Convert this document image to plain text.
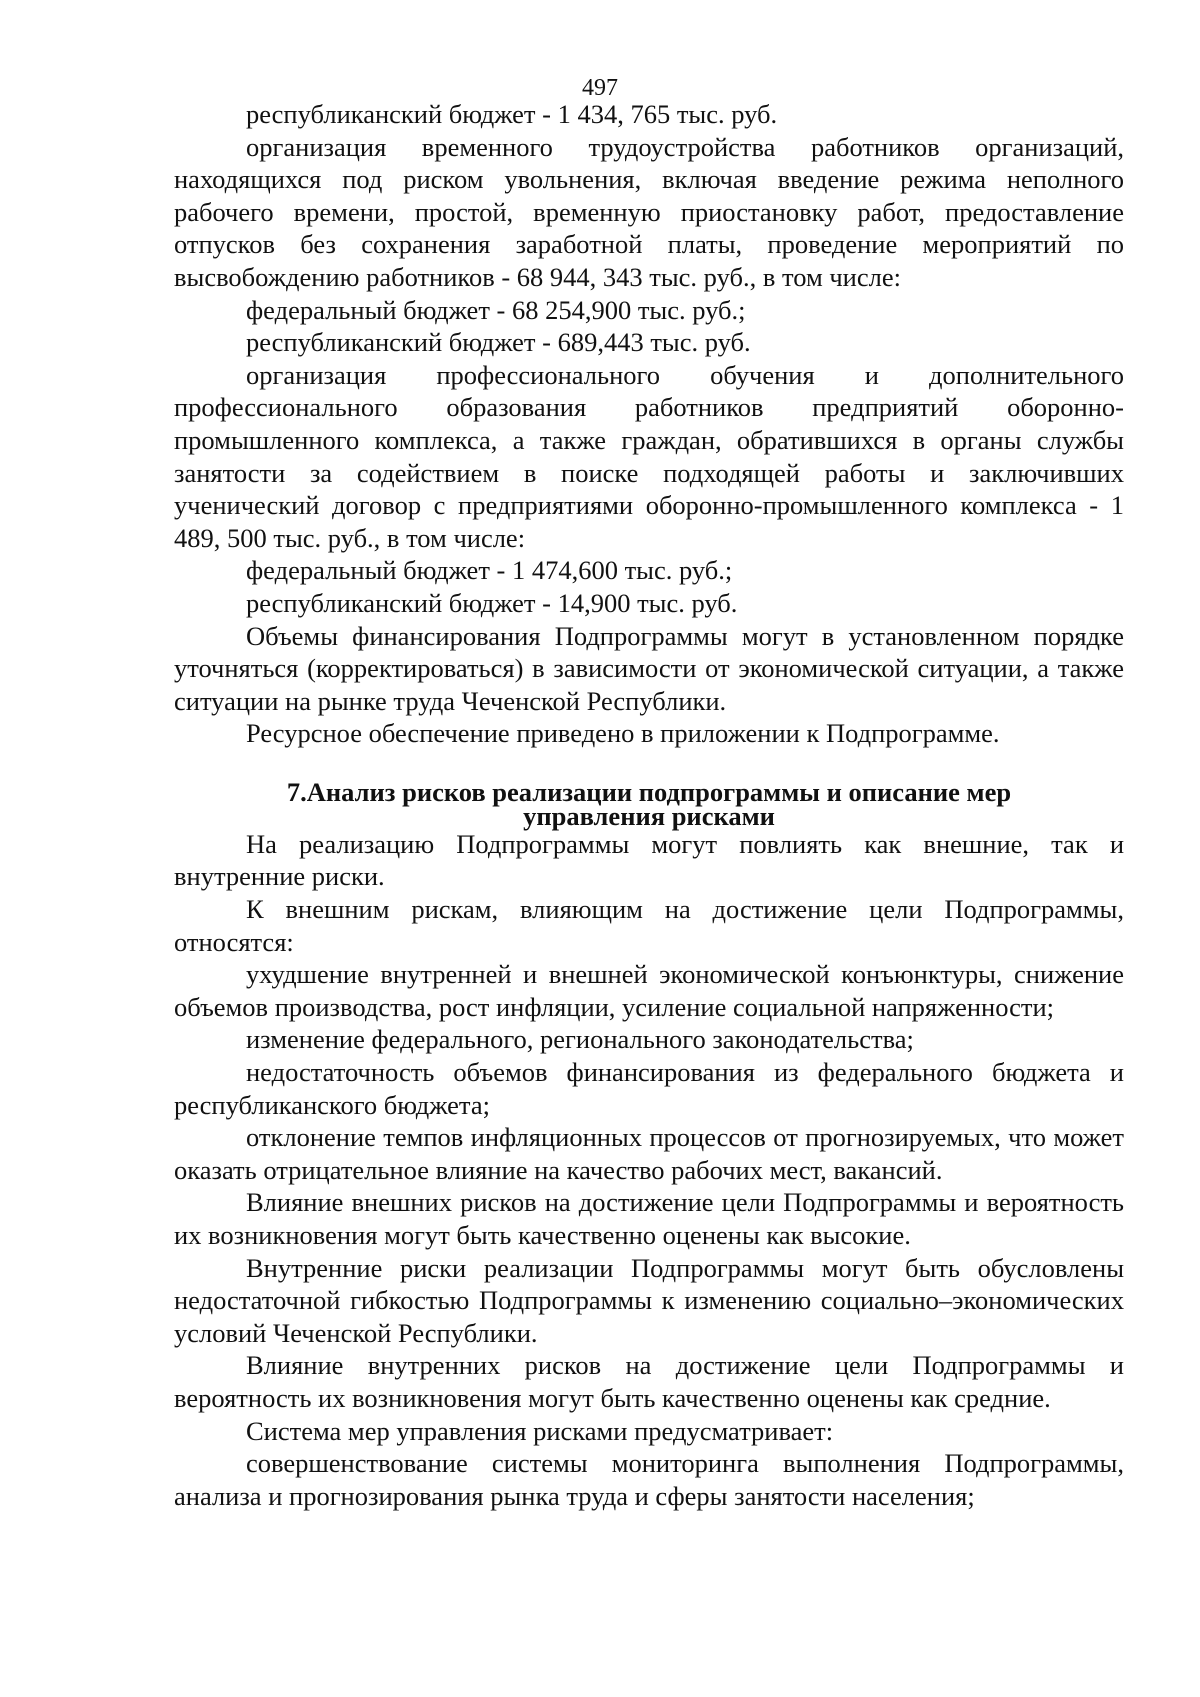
497

республиканский бюджет - 1 434, 765 тыс. руб.

организация временного трудоустройства работников организаций, находящихся под риском увольнения, включая введение режима неполного рабочего времени, простой, временную приостановку работ, предоставление отпусков без сохранения заработной платы, проведение мероприятий по высвобождению работников - 68 944, 343 тыс. руб., в том числе:

федеральный бюджет - 68 254,900 тыс. руб.;

республиканский бюджет - 689,443 тыс. руб.

организация профессионального обучения и дополнительного профессионального образования работников предприятий оборонно-промышленного комплекса, а также граждан, обратившихся в органы службы занятости за содействием в поиске подходящей работы и заключивших ученический договор с предприятиями оборонно-промышленного комплекса - 1 489, 500 тыс. руб., в том числе:

федеральный бюджет - 1 474,600 тыс. руб.;

республиканский бюджет - 14,900 тыс. руб.

Объемы финансирования Подпрограммы могут в установленном порядке уточняться (корректироваться) в зависимости от экономической ситуации, а также ситуации на рынке труда Чеченской Республики.

Ресурсное обеспечение приведено в приложении к Подпрограмме.

7.Анализ рисков реализации подпрограммы и описание мер
управления рисками

На реализацию Подпрограммы могут повлиять как внешние, так и внутренние риски.

К внешним рискам, влияющим на достижение цели Подпрограммы, относятся:

ухудшение внутренней и внешней экономической конъюнктуры, снижение объемов производства, рост инфляции, усиление социальной напряженности;

изменение федерального, регионального законодательства;

недостаточность объемов финансирования из федерального бюджета и республиканского бюджета;

отклонение темпов инфляционных процессов от прогнозируемых, что может оказать отрицательное влияние на качество рабочих мест, вакансий.

Влияние внешних рисков на достижение цели Подпрограммы и вероятность их возникновения могут быть качественно оценены как высокие.

Внутренние риски реализации Подпрограммы могут быть обусловлены недостаточной гибкостью Подпрограммы к изменению социально–экономических условий Чеченской Республики.

Влияние внутренних рисков на достижение цели Подпрограммы и вероятность их возникновения могут быть качественно оценены как средние.

Система мер управления рисками предусматривает:

совершенствование системы мониторинга выполнения Подпрограммы, анализа и прогнозирования рынка труда и сферы занятости населения;
